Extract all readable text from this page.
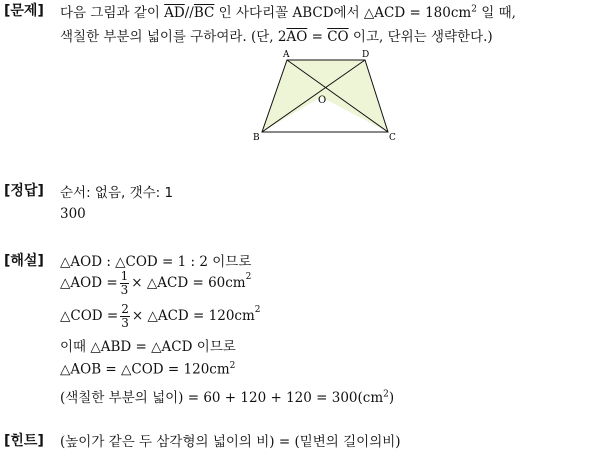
[문제] 다음 그림과 같이 $\overline{AD}//\overline{BC}$ 인 사다리꼴 ABCD에서 △ACD = $180cm^2$ 일 때,
색칠한 부분의 넓이를 구하여라. (단, $2\overline{AO} = \overline{CO}$ 이고, 단위는 생략한다.)
A	D
B	C
O
[정답] 순서: 없음, 갯수: 1
300
[해설] △AOD : △COD = 1 : 2 이므로
△AOD = $\frac{1}{3}$ × △ACD = $60cm^2$
△COD = $\frac{2}{3}$ × △ACD = $120cm^2$
이때 △ABD = △ACD 이므로
△AOB = △COD = $120cm^2$
(색칠한 부분의 넓이) = $60 + 120 + 120 = 300(cm^2)$
[힌트] (높이가 같은 두 삼각형의 넓이의 비) = (밑변의 길이의비)
